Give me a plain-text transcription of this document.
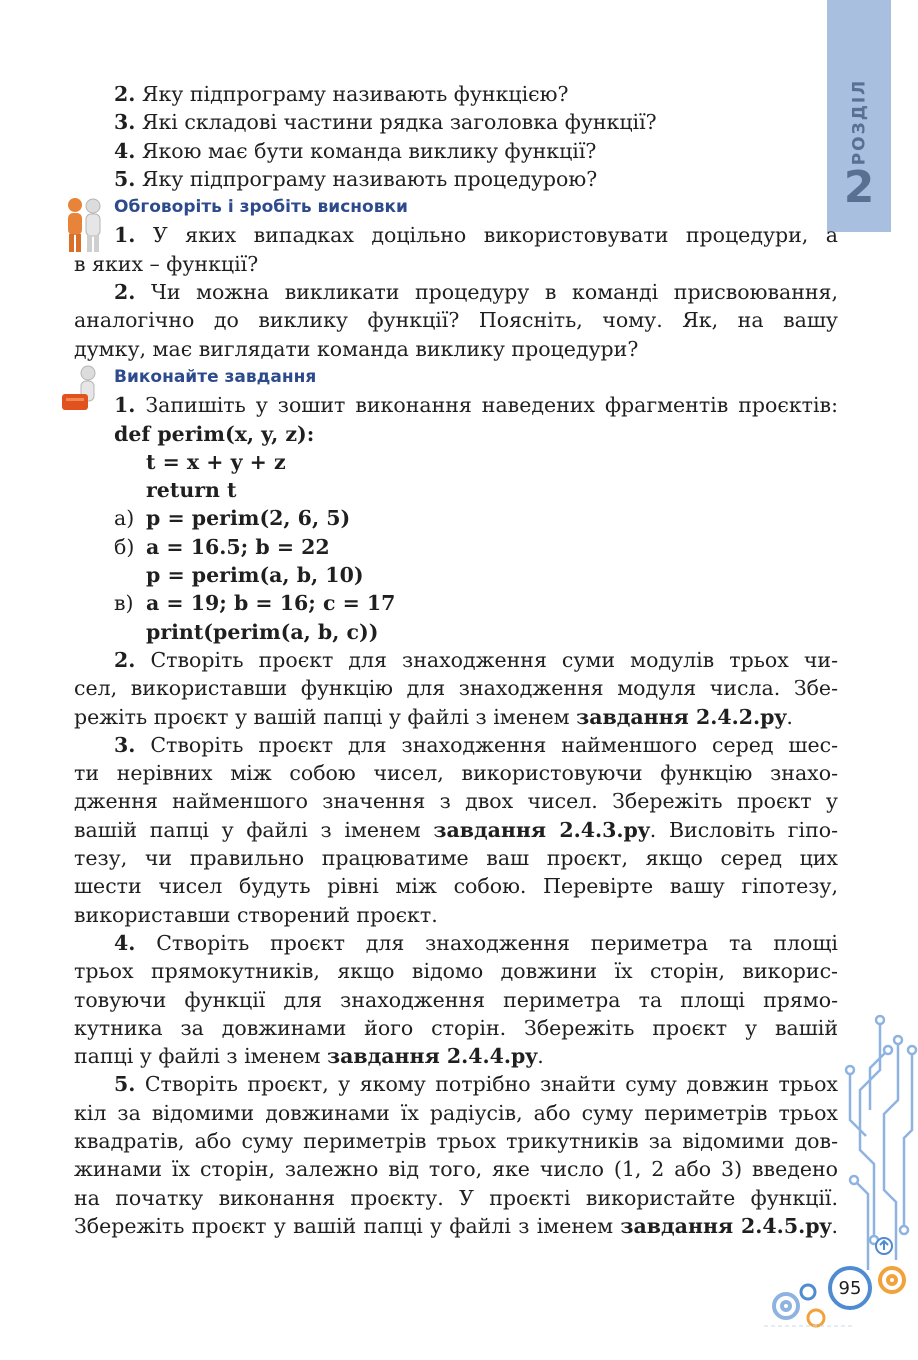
РОЗДІЛ
2
2. Яку підпрограму називають функцією?
3. Які складові частини рядка заголовка функції?
4. Якою має бути команда виклику функції?
5. Яку підпрограму називають процедурою?
Обговоріть і зробіть висновки
1. У яких випадках доцільно використовувати процедури, а
в яких – функції?
2. Чи можна викликати процедуру в команді присвоювання,
аналогічно до виклику функції? Поясніть, чому. Як, на вашу
думку, має виглядати команда виклику процедури?
Виконайте завдання
1. Запишіть у зошит виконання наведених фрагментів проєктів:
def perim(x, y, z):
t = x + y + z
return t
а) p = perim(2, 6, 5)
б) a = 16.5; b = 22
p = perim(a, b, 10)
в) a = 19; b = 16; c = 17
print(perim(a, b, c))
2. Створіть проєкт для знаходження суми модулів трьох чи-
сел, використавши функцію для знаходження модуля числа. Збе-
режіть проєкт у вашій папці у файлі з іменем завдання 2.4.2.py.
3. Створіть проєкт для знаходження найменшого серед шес-
ти нерівних між собою чисел, використовуючи функцію знахо-
дження найменшого значення з двох чисел. Збережіть проєкт у
вашій папці у файлі з іменем завдання 2.4.3.py. Висловіть гіпо-
тезу, чи правильно працюватиме ваш проєкт, якщо серед цих
шести чисел будуть рівні між собою. Перевірте вашу гіпотезу,
використавши створений проєкт.
4. Створіть проєкт для знаходження периметра та площі
трьох прямокутників, якщо відомо довжини їх сторін, викорис-
товуючи функції для знаходження периметра та площі прямо-
кутника за довжинами його сторін. Збережіть проєкт у вашій
папці у файлі з іменем завдання 2.4.4.py.
5. Створіть проєкт, у якому потрібно знайти суму довжин трьох
кіл за відомими довжинами їх радіусів, або суму периметрів трьох
квадратів, або суму периметрів трьох трикутників за відомими дов-
жинами їх сторін, залежно від того, яке число (1, 2 або 3) введено
на початку виконання проєкту. У проєкті використайте функції.
Збережіть проєкт у вашій папці у файлі з іменем завдання 2.4.5.py.
95
